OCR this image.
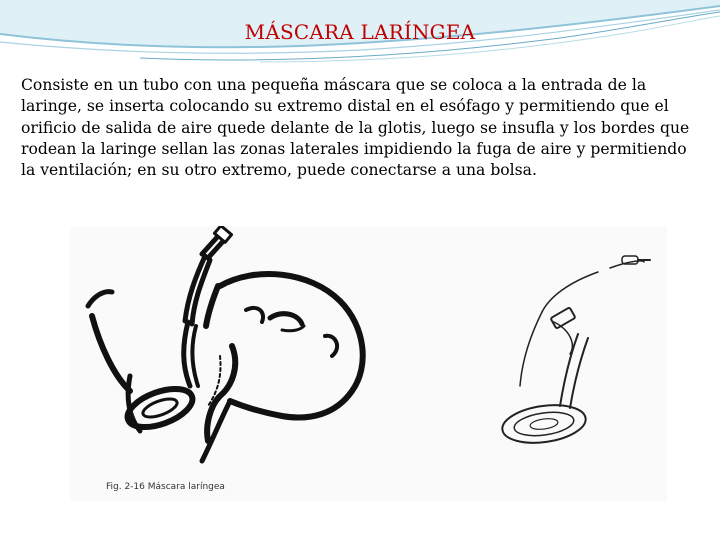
MÁSCARA LARÍNGEA

Consiste en un tubo con una pequeña máscara que se coloca a la entrada de la laringe, se inserta colocando su extremo distal en el esófago y permitiendo que el orificio de salida de aire quede delante de la glotis, luego se insufla y los bordes que rodean la laringe sellan las zonas laterales impidiendo la fuga de aire y permitiendo la ventilación; en su otro extremo, puede conectarse a una bolsa.

Fig. 2-16 Máscara laríngea
